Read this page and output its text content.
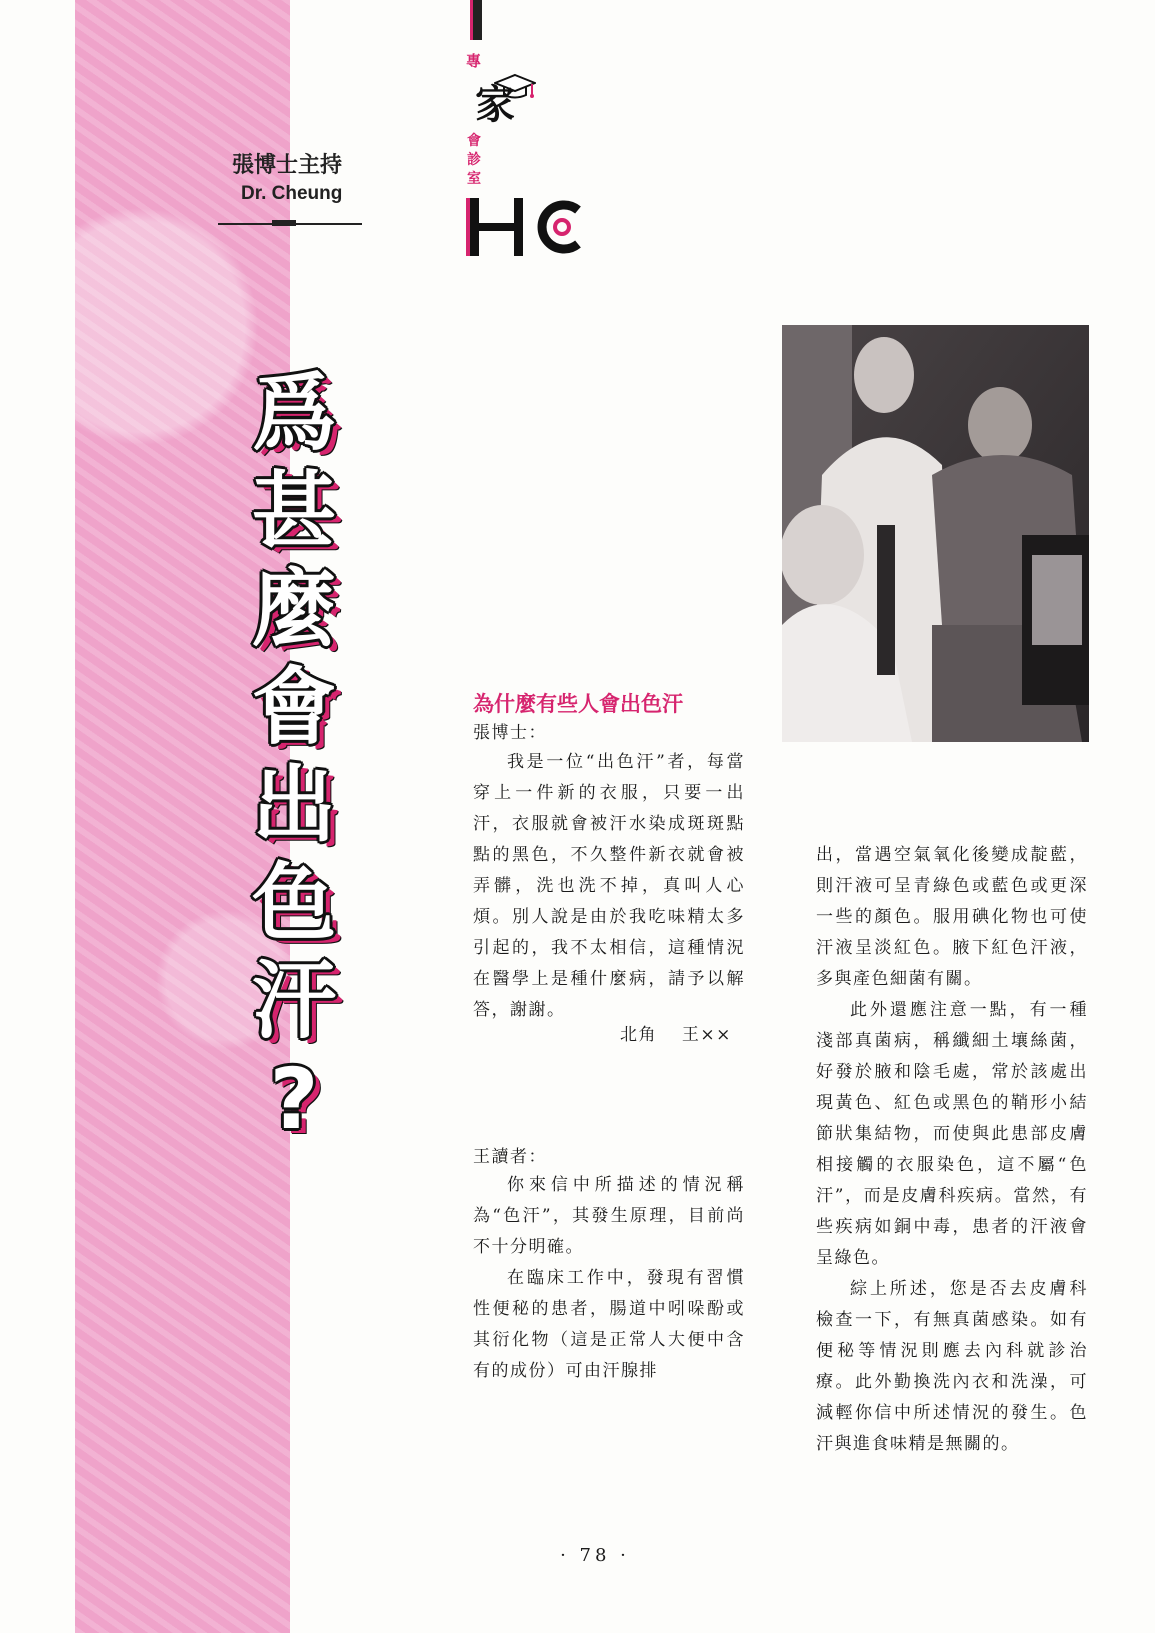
張博士主持
Dr. Cheung
專
家
會診室
爲
甚
麼
會
出
色
汗
?
為什麼有些人會出色汗
張博士：

我是一位“出色汗”者，每當穿上一件新的衣服，只要一出汗，衣服就會被汗水染成斑斑點點的黑色，不久整件新衣就會被弄髒，洗也洗不掉，真叫人心煩。別人說是由於我吃味精太多引起的，我不太相信，這種情況在醫學上是種什麼病，請予以解答，謝謝。

北角 王××
王讀者：

你來信中所描述的情況稱為“色汗”，其發生原理，目前尚不十分明確。

在臨床工作中，發現有習慣性便秘的患者，腸道中吲哚酚或其衍化物（這是正常人大便中含有的成份）可由汗腺排

出，當遇空氣氧化後變成靛藍，則汗液可呈青綠色或藍色或更深一些的顏色。服用碘化物也可使汗液呈淡紅色。腋下紅色汗液，多與產色細菌有關。

此外還應注意一點，有一種淺部真菌病，稱纖細土壤絲菌，好發於腋和陰毛處，常於該處出現黃色、紅色或黑色的鞘形小結節狀集結物，而使與此患部皮膚相接觸的衣服染色，這不屬“色汗”，而是皮膚科疾病。當然，有些疾病如銅中毒，患者的汗液會呈綠色。

綜上所述，您是否去皮膚科檢查一下，有無真菌感染。如有便秘等情況則應去內科就診治療。此外勤換洗內衣和洗澡，可減輕你信中所述情況的發生。色汗與進食味精是無關的。

· 78 ·
